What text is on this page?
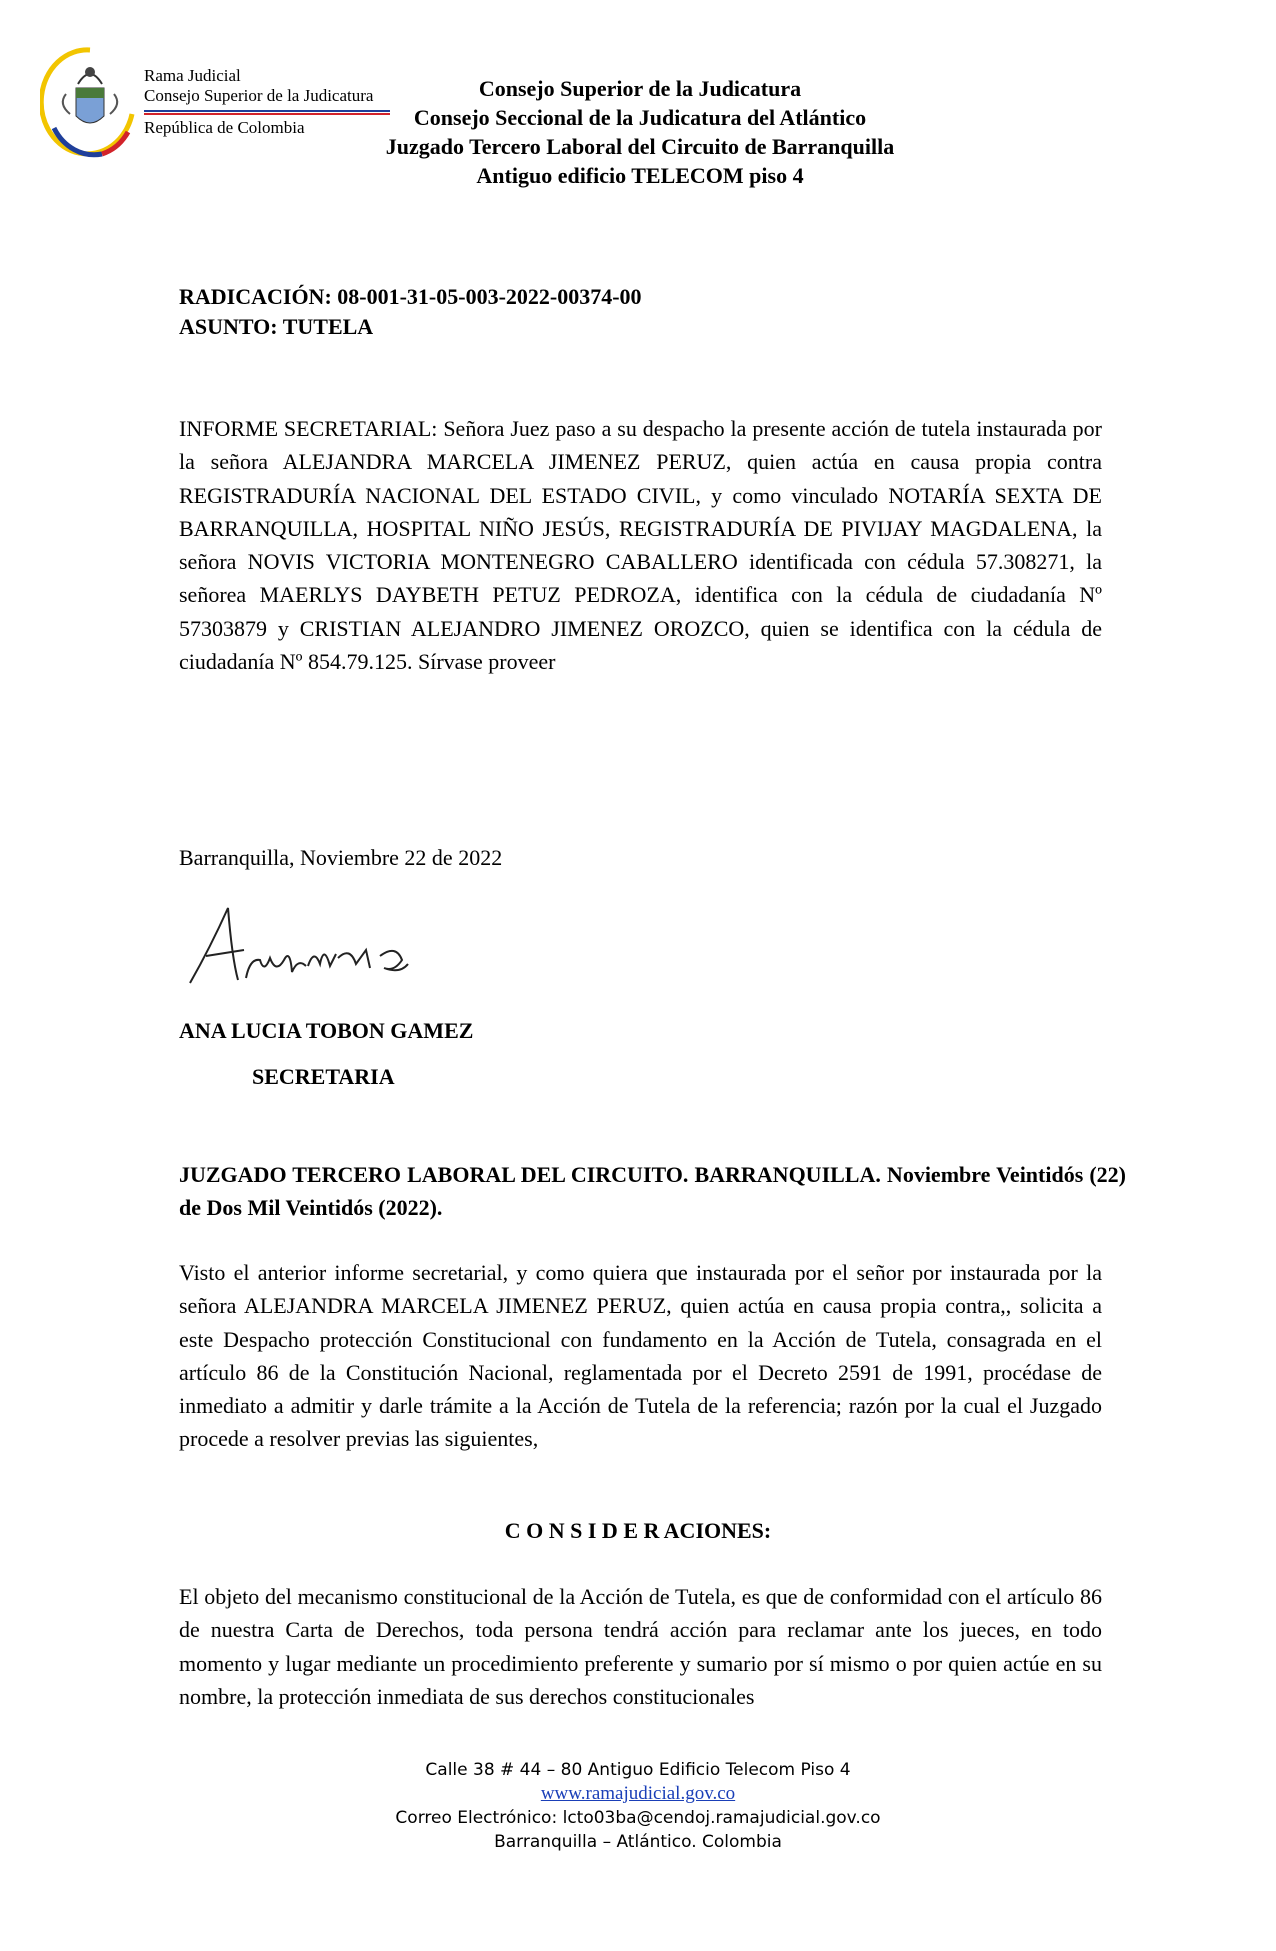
Rama Judicial
Consejo Superior de la Judicatura
República de Colombia
Consejo Superior de la Judicatura
Consejo Seccional de la Judicatura del Atlántico
Juzgado Tercero Laboral del Circuito de Barranquilla
Antiguo edificio TELECOM piso 4
RADICACIÓN: 08-001-31-05-003-2022-00374-00
ASUNTO: TUTELA
INFORME SECRETARIAL: Señora Juez paso a su despacho la presente acción de tutela instaurada por la señora ALEJANDRA MARCELA JIMENEZ PERUZ, quien actúa en causa propia contra REGISTRADURÍA NACIONAL DEL ESTADO CIVIL, y como vinculado NOTARÍA SEXTA DE BARRANQUILLA, HOSPITAL NIÑO JESÚS, REGISTRADURÍA DE PIVIJAY MAGDALENA, la señora NOVIS VICTORIA MONTENEGRO CABALLERO identificada con cédula 57.308271, la señorea MAERLYS DAYBETH PETUZ PEDROZA, identifica con la cédula de ciudadanía Nº 57303879 y CRISTIAN ALEJANDRO JIMENEZ OROZCO, quien se identifica con la cédula de ciudadanía Nº 854.79.125. Sírvase proveer
Barranquilla, Noviembre 22 de 2022
ANA LUCIA TOBON GAMEZ
SECRETARIA
JUZGADO TERCERO LABORAL DEL CIRCUITO. BARRANQUILLA. Noviembre Veintidós (22) de Dos Mil Veintidós (2022).
Visto el anterior informe secretarial, y como quiera que instaurada por el señor por instaurada por la señora ALEJANDRA MARCELA JIMENEZ PERUZ, quien actúa en causa propia contra,, solicita a este Despacho protección Constitucional con fundamento en la Acción de Tutela, consagrada en el artículo 86 de la Constitución Nacional, reglamentada por el Decreto 2591 de 1991, procédase de inmediato a admitir y darle trámite a la Acción de Tutela de la referencia; razón por la cual el Juzgado procede a resolver previas las siguientes,
C O N S I D E R ACIONES:
El objeto del mecanismo constitucional de la Acción de Tutela, es que de conformidad con el artículo 86 de nuestra Carta de Derechos, toda persona tendrá acción para reclamar ante los jueces, en todo momento y lugar mediante un procedimiento preferente y sumario por sí mismo o por quien actúe en su nombre, la protección inmediata de sus derechos constitucionales
Calle 38 # 44 – 80 Antiguo Edificio Telecom Piso 4
www.ramajudicial.gov.co
Correo Electrónico: lcto03ba@cendoj.ramajudicial.gov.co
Barranquilla – Atlántico. Colombia
